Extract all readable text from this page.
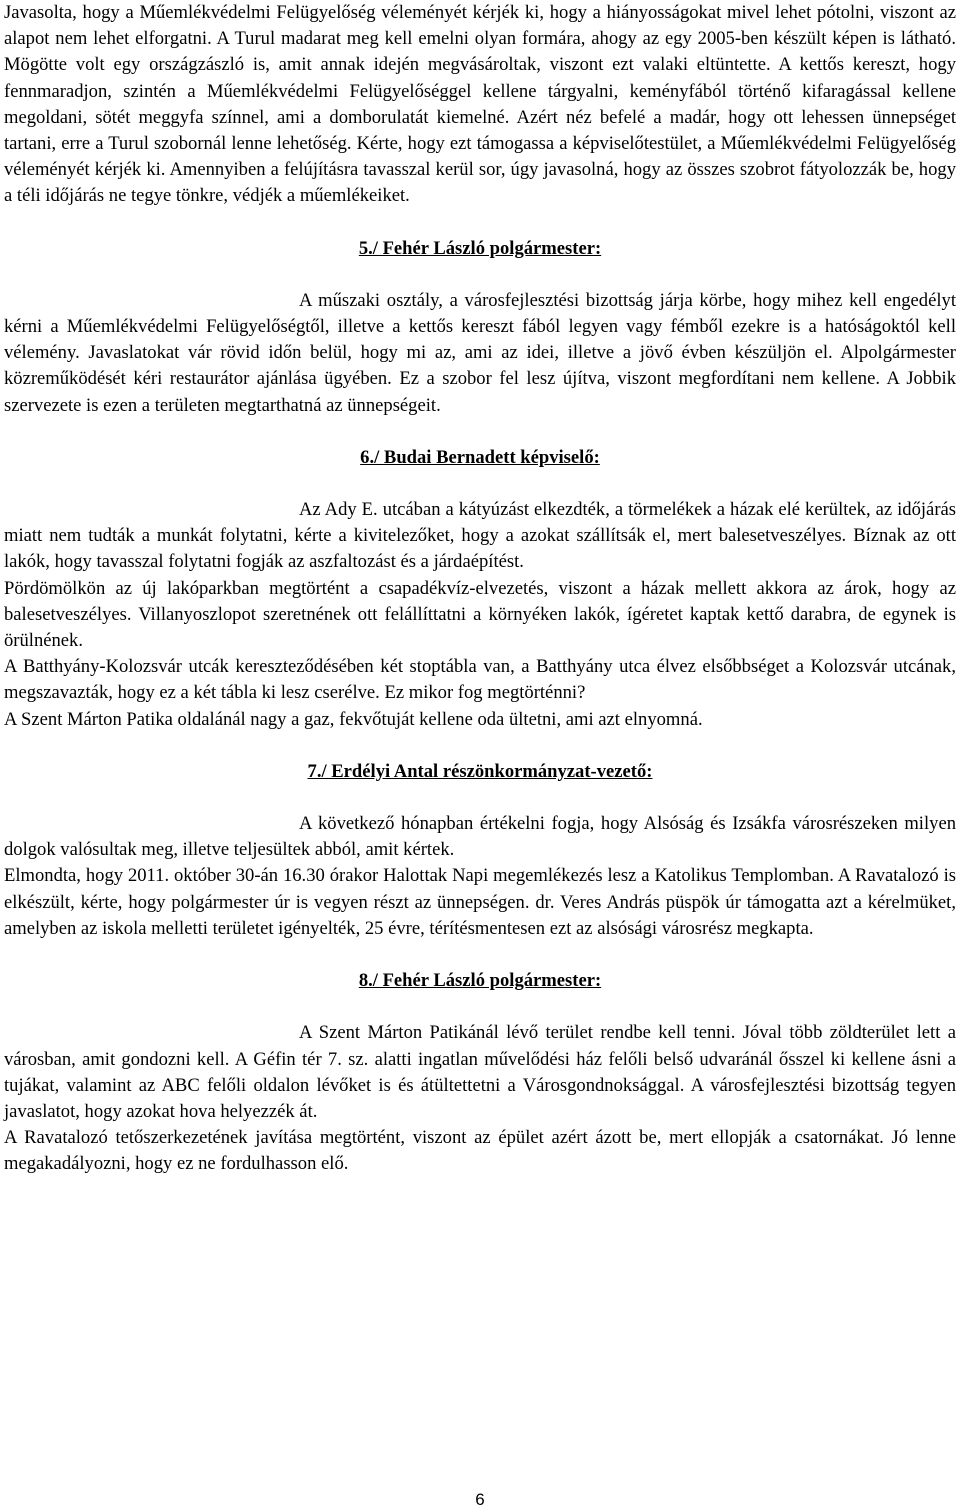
Javasolta, hogy a Műemlékvédelmi Felügyelőség véleményét kérjék ki, hogy a hiányosságokat mivel lehet pótolni, viszont az alapot nem lehet elforgatni. A Turul madarat meg kell emelni olyan formára, ahogy az egy 2005-ben készült képen is látható. Mögötte volt egy országzászló is, amit annak idején megvásároltak, viszont ezt valaki eltüntette. A kettős kereszt, hogy fennmaradjon, szintén a Műemlékvédelmi Felügyelőséggel kellene tárgyalni, keményfából történő kifaragással kellene megoldani, sötét meggyfa színnel, ami a domborulatát kiemelné. Azért néz befelé a madár, hogy ott lehessen ünnepséget tartani, erre a Turul szobornál lenne lehetőség. Kérte, hogy ezt támogassa a képviselőtestület, a Műemlékvédelmi Felügyelőség véleményét kérjék ki. Amennyiben a felújításra tavasszal kerül sor, úgy javasolná, hogy az összes szobrot fátyolozzák be, hogy a téli időjárás ne tegye tönkre, védjék a műemlékeiket.

5./ Fehér László polgármester:

A műszaki osztály, a városfejlesztési bizottság járja körbe, hogy mihez kell engedélyt kérni a Műemlékvédelmi Felügyelőségtől, illetve a kettős kereszt fából legyen vagy fémből ezekre is a hatóságoktól kell vélemény. Javaslatokat vár rövid időn belül, hogy mi az, ami az idei, illetve a jövő évben készüljön el. Alpolgármester közreműködését kéri restaurátor ajánlása ügyében. Ez a szobor fel lesz újítva, viszont megfordítani nem kellene. A Jobbik szervezete is ezen a területen megtarthatná az ünnepségeit.

6./ Budai Bernadett képviselő:

Az Ady E. utcában a kátyúzást elkezdték, a törmelékek a házak elé kerültek, az időjárás miatt nem tudták a munkát folytatni, kérte a kivitelezőket, hogy a azokat szállítsák el, mert balesetveszélyes. Bíznak az ott lakók, hogy tavasszal folytatni fogják az aszfaltozást és a járdaépítést.

Pördömölkön az új lakóparkban megtörtént a csapadékvíz-elvezetés, viszont a házak mellett akkora az árok, hogy az balesetveszélyes. Villanyoszlopot szeretnének ott felállíttatni a környéken lakók, ígéretet kaptak kettő darabra, de egynek is örülnének.

A Batthyány-Kolozsvár utcák kereszteződésében két stoptábla van, a Batthyány utca élvez elsőbbséget a Kolozsvár utcának, megszavazták, hogy ez a két tábla ki lesz cserélve. Ez mikor fog megtörténni?

A Szent Márton Patika oldalánál nagy a gaz, fekvőtuját kellene oda ültetni, ami azt elnyomná.

7./ Erdélyi Antal részönkormányzat-vezető:

A következő hónapban értékelni fogja, hogy Alsóság és Izsákfa városrészeken milyen dolgok valósultak meg, illetve teljesültek abból, amit kértek.

Elmondta, hogy 2011. október 30-án 16.30 órakor Halottak Napi megemlékezés lesz a Katolikus Templomban. A Ravatalozó is elkészült, kérte, hogy polgármester úr is vegyen részt az ünnepségen. dr. Veres András püspök úr támogatta azt a kérelmüket, amelyben az iskola melletti területet igényelték, 25 évre, térítésmentesen ezt az alsósági városrész megkapta.

8./ Fehér László polgármester:

A Szent Márton Patikánál lévő terület rendbe kell tenni. Jóval több zöldterület lett a városban, amit gondozni kell. A Géfin tér 7. sz. alatti ingatlan művelődési ház felőli belső udvaránál ősszel ki kellene ásni a tujákat, valamint az ABC felőli oldalon lévőket is és átültettetni a Városgondnoksággal. A városfejlesztési bizottság tegyen javaslatot, hogy azokat hova helyezzék át.

A Ravatalozó tetőszerkezetének javítása megtörtént, viszont az épület azért ázott be, mert ellopják a csatornákat. Jó lenne megakadályozni, hogy ez ne fordulhasson elő.

6
